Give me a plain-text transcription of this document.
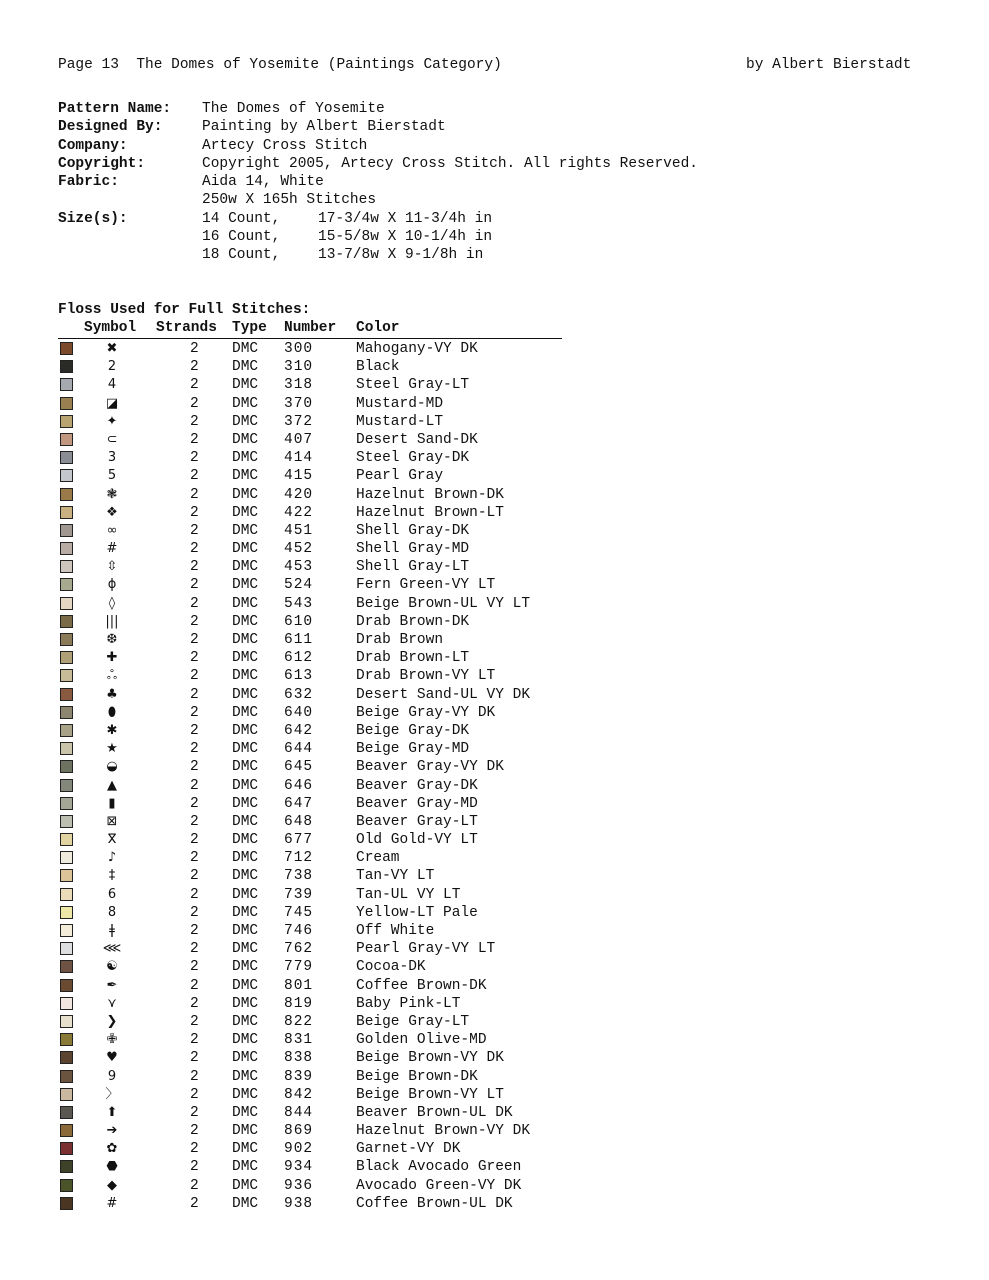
Page 13  The Domes of Yosemite (Paintings Category)	by Albert Bierstadt
Pattern Name:	The Domes of Yosemite
Designed By:	Painting by Albert Bierstadt
Company:	Artecy Cross Stitch
Copyright:	Copyright 2005, Artecy Cross Stitch. All rights Reserved.
Fabric:	Aida 14, White
250w X 165h Stitches
Size(s):	14 Count,	17-3/4w X 11-3/4h in
16 Count,	15-5/8w X 10-1/4h in
18 Count,	13-7/8w X 9-1/8h in
Floss Used for Full Stitches:
Symbol Strands Type Number Color
✖	2 DMC 300	Mahogany-VY DK
2	2 DMC 310	Black
4	2 DMC 318	Steel Gray-LT
◪	2 DMC 370	Mustard-MD
✦	2 DMC 372	Mustard-LT
⊂	2 DMC 407	Desert Sand-DK
3	2 DMC 414	Steel Gray-DK
5	2 DMC 415	Pearl Gray
❃	2 DMC 420	Hazelnut Brown-DK
❖	2 DMC 422	Hazelnut Brown-LT
∞	2 DMC 451	Shell Gray-DK
#	2 DMC 452	Shell Gray-MD
⇳	2 DMC 453	Shell Gray-LT
ɸ	2 DMC 524	Fern Green-VY LT
◊	2 DMC 543	Beige Brown-UL VY LT
|||	2 DMC 610	Drab Brown-DK
❆	2 DMC 611	Drab Brown
✚	2 DMC 612	Drab Brown-LT
ஃ	2 DMC 613	Drab Brown-VY LT
♣	2 DMC 632	Desert Sand-UL VY DK
⬮	2 DMC 640	Beige Gray-VY DK
✱	2 DMC 642	Beige Gray-DK
★	2 DMC 644	Beige Gray-MD
◒	2 DMC 645	Beaver Gray-VY DK
▲	2 DMC 646	Beaver Gray-DK
▮	2 DMC 647	Beaver Gray-MD
⊠	2 DMC 648	Beaver Gray-LT
ⴳ	2 DMC 677	Old Gold-VY LT
♪	2 DMC 712	Cream
‡	2 DMC 738	Tan-VY LT
6	2 DMC 739	Tan-UL VY LT
8	2 DMC 745	Yellow-LT Pale
ǂ	2 DMC 746	Off White
⋘	2 DMC 762	Pearl Gray-VY LT
☯	2 DMC 779	Cocoa-DK
✒	2 DMC 801	Coffee Brown-DK
⋎	2 DMC 819	Baby Pink-LT
❯	2 DMC 822	Beige Gray-LT
✙	2 DMC 831	Golden Olive-MD
♥	2 DMC 838	Beige Brown-VY DK
9	2 DMC 839	Beige Brown-DK
〉	2 DMC 842	Beige Brown-VY LT
⬆	2 DMC 844	Beaver Brown-UL DK
➔	2 DMC 869	Hazelnut Brown-VY DK
✿	2 DMC 902	Garnet-VY DK
⬣	2 DMC 934	Black Avocado Green
◆	2 DMC 936	Avocado Green-VY DK
#	2 DMC 938	Coffee Brown-UL DK
